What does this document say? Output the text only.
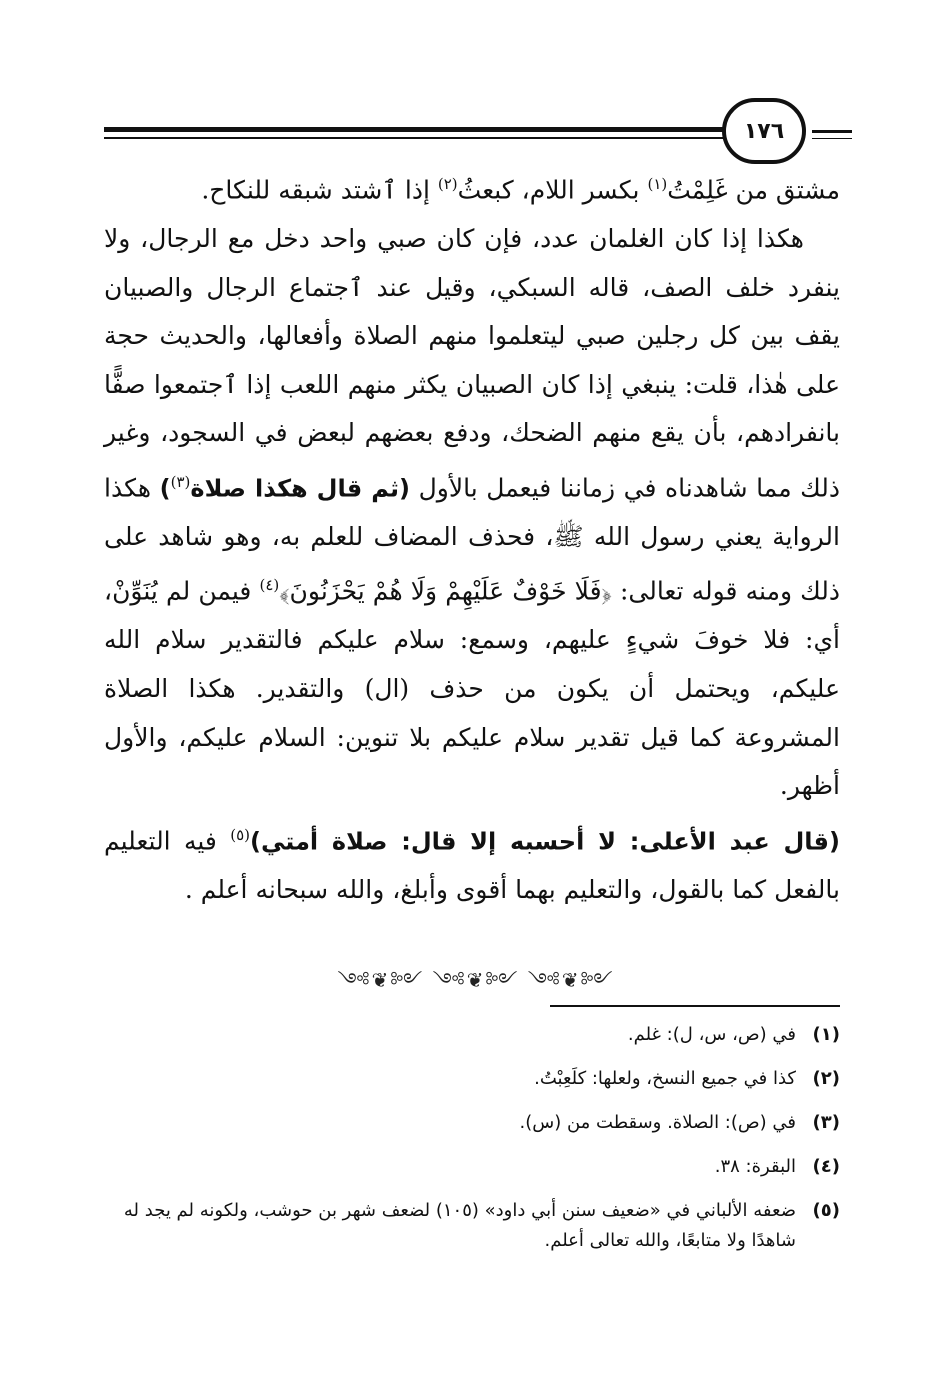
١٧٦

مشتق من غَلِمْتُ$^{(١)}$ بكسر اللام، كبعثُ$^{(٢)}$ إذا ٱشتد شبقه للنكاح.

هكذا إذا كان الغلمان عدد، فإن كان صبي واحد دخل مع الرجال، ولا ينفرد خلف الصف، قاله السبكي، وقيل عند ٱجتماع الرجال والصبيان يقف بين كل رجلين صبي ليتعلموا منهم الصلاة وأفعالها، والحديث حجة على هٰذا، قلت: ينبغي إذا كان الصبيان يكثر منهم اللعب إذا ٱجتمعوا صفًّا بانفرادهم، بأن يقع منهم الضحك، ودفع بعضهم لبعض في السجود، وغير ذلك مما شاهدناه في زماننا فيعمل بالأول (ثم قال هكذا صلاة$^{(٣)}$) هكذا الرواية يعني رسول الله ﷺ، فحذف المضاف للعلم به، وهو شاهد على ذلك ومنه قوله تعالى: ﴿فَلَا خَوْفٌ عَلَيْهِمْ وَلَا هُمْ يَحْزَنُونَ﴾$^{(٤)}$ فيمن لم يُنَوِّنْ، أي: فلا خوفَ شيءٍ عليهم، وسمع: سلام عليكم فالتقدير سلام الله عليكم، ويحتمل أن يكون من حذف (ال) والتقدير. هكذا الصلاة المشروعة كما قيل تقدير سلام عليكم بلا تنوين: السلام عليكم، والأول أظهر.

(قال عبد الأعلى: لا أحسبه إلا قال: صلاة أمتي)$^{(٥)}$ فيه التعليم بالفعل كما بالقول، والتعليم بهما أقوى وأبلغ، والله سبحانه أعلم .

༺❦༻ ༺❦༻ ༺❦༻
(١)
في (ص، س، ل): غلم.
(٢)
كذا في جميع النسخ، ولعلها: كلَعِبْتُ.
(٣)
في (ص): الصلاة. وسقطت من (س).
(٤)
البقرة: ٣٨.
(٥)
ضعفه الألباني في «ضعيف سنن أبي داود» (١٠٥) لضعف شهر بن حوشب، ولكونه لم يجد له شاهدًا ولا متابعًا، والله تعالى أعلم.
